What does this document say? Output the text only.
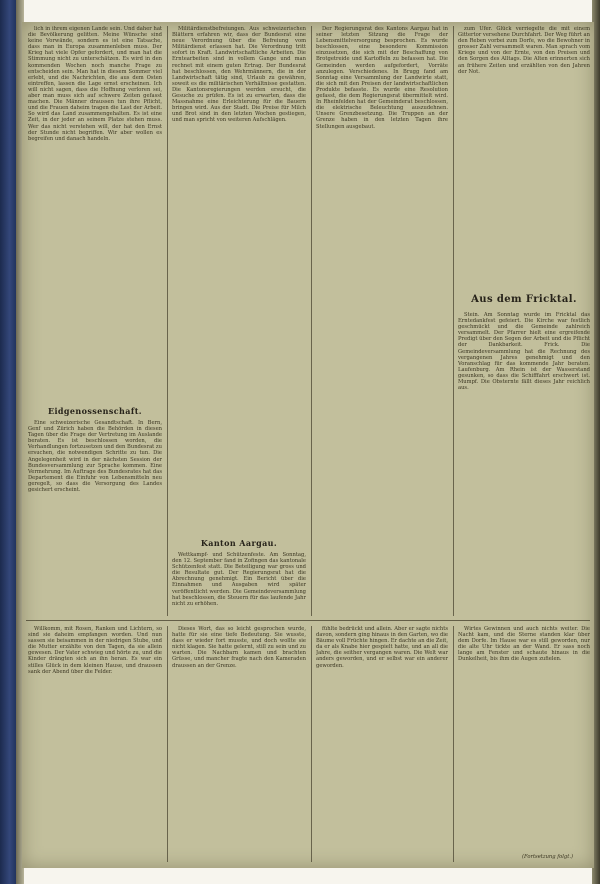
lich in ihrem eigenen Lande sein. Und daher hat die Bevölkerung gelitten. Meine Wünsche sind keine Vorwände, sondern es ist eine Tatsache, dass man in Europa zusammenleben muss. Der Krieg hat viele Opfer gefordert, und man hat die Stimmung nicht zu unterschätzen. Es wird in den kommenden Wochen noch manche Frage zu entscheiden sein. Man hat in diesem Sommer viel erlebt, und die Nachrichten, die aus dem Osten eintreffen, lassen die Lage ernst erscheinen. Ich will nicht sagen, dass die Hoffnung verloren sei, aber man muss sich auf schwere Zeiten gefasst machen. Die Männer draussen tun ihre Pflicht, und die Frauen daheim tragen die Last der Arbeit. So wird das Land zusammengehalten. Es ist eine Zeit, in der jeder an seinem Platze stehen muss. Wer das nicht verstehen will, der hat den Ernst der Stunde nicht begriffen. Wir aber wollen es begreifen und danach handeln.

Eidgenossenschaft.

Eine schweizerische Gesandtschaft. In Bern, Genf und Zürich haben die Behörden in diesen Tagen über die Frage der Vertretung im Auslande beraten. Es ist beschlossen worden, die Verhandlungen fortzusetzen und den Bundesrat zu ersuchen, die notwendigen Schritte zu tun. Die Angelegenheit wird in der nächsten Session der Bundesversammlung zur Sprache kommen. Eine Vermehrung. Im Auftrage des Bundesrates hat das Departement die Einfuhr von Lebensmitteln neu geregelt, so dass die Versorgung des Landes gesichert erscheint.

Militärdienstbefreiungen. Aus schweizerischen Blättern erfahren wir, dass der Bundesrat eine neue Verordnung über die Befreiung vom Militärdienst erlassen hat. Die Verordnung tritt sofort in Kraft. Landwirtschaftliche Arbeiten. Die Erntearbeiten sind in vollem Gange und man rechnet mit einem guten Ertrag. Der Bundesrat hat beschlossen, den Wehrmännern, die in der Landwirtschaft tätig sind, Urlaub zu gewähren, soweit es die militärischen Verhältnisse gestatten. Die Kantonsregierungen werden ersucht, die Gesuche zu prüfen. Es ist zu erwarten, dass die Massnahme eine Erleichterung für die Bauern bringen wird. Aus der Stadt. Die Preise für Milch und Brot sind in den letzten Wochen gestiegen, und man spricht von weiteren Aufschlägen.

Kanton Aargau.

Wettkampf- und Schützenfeste. Am Sonntag, den 12. September fand in Zofingen das kantonale Schützenfest statt. Die Beteiligung war gross und die Resultate gut. Der Regierungsrat hat die Abrechnung genehmigt. Ein Bericht über die Einnahmen und Ausgaben wird später veröffentlicht werden. Die Gemeindeversammlung hat beschlossen, die Steuern für das laufende Jahr nicht zu erhöhen.

Der Regierungsrat des Kantons Aargau hat in seiner letzten Sitzung die Frage der Lebensmittelversorgung besprochen. Es wurde beschlossen, eine besondere Kommission einzusetzen, die sich mit der Beschaffung von Brotgetreide und Kartoffeln zu befassen hat. Die Gemeinden werden aufgefordert, Vorräte anzulegen. Verschiedenes. In Brugg fand am Sonntag eine Versammlung der Landwirte statt, die sich mit den Preisen der landwirtschaftlichen Produkte befasste. Es wurde eine Resolution gefasst, die dem Regierungsrat übermittelt wird. In Rheinfelden hat der Gemeinderat beschlossen, die elektrische Beleuchtung auszudehnen. Unsere Grenzbesetzung. Die Truppen an der Grenze haben in den letzten Tagen ihre Stellungen ausgebaut.

zum Ufer. Glück verriegelte die mit einem Gittertor versehene Durchfahrt. Der Weg führt an den Reben vorbei zum Dorfe, wo die Bewohner in grosser Zahl versammelt waren. Man sprach vom Kriege und von der Ernte, von den Preisen und den Sorgen des Alltags. Die Alten erinnerten sich an frühere Zeiten und erzählten von den Jahren der Not.

Aus dem Fricktal.

Stein. Am Sonntag wurde im Fricktal das Erntedankfest gefeiert. Die Kirche war festlich geschmückt und die Gemeinde zahlreich versammelt. Der Pfarrer hielt eine ergreifende Predigt über den Segen der Arbeit und die Pflicht der Dankbarkeit. Frick. Die Gemeindeversammlung hat die Rechnung des vergangenen Jahres genehmigt und den Voranschlag für das kommende Jahr beraten. Laufenburg. Am Rhein ist der Wasserstand gesunken, so dass die Schifffahrt erschwert ist. Mumpf. Die Obsternte fällt dieses Jahr reichlich aus.

Willkomm, mit Rosen, Ranken und Lichtern, so sind sie daheim empfangen worden. Und nun sassen sie beisammen in der niedrigen Stube, und die Mutter erzählte von den Tagen, da sie allein gewesen. Der Vater schwieg und hörte zu, und die Kinder drängten sich an ihn heran. Es war ein stilles Glück in dem kleinen Hause, und draussen sank der Abend über die Felder.

Dieses Wort, das so leicht gesprochen wurde, hatte für sie eine tiefe Bedeutung. Sie wusste, dass er wieder fort musste, und doch wollte sie nicht klagen. Sie hatte gelernt, still zu sein und zu warten. Die Nachbarn kamen und brachten Grüsse, und mancher fragte nach den Kameraden draussen an der Grenze.

fühlte bedrückt und allein. Aber er sagte nichts davon, sondern ging hinaus in den Garten, wo die Bäume voll Früchte hingen. Er dachte an die Zeit, da er als Knabe hier gespielt hatte, und an all die Jahre, die seither vergangen waren. Die Welt war anders geworden, und er selbst war ein anderer geworden.

Wirtes Gewinnen und auch nichts weiter. Die Nacht kam, und die Sterne standen klar über dem Dorfe. Im Hause war es still geworden, nur die alte Uhr tickte an der Wand. Er sass noch lange am Fenster und schaute hinaus in die Dunkelheit, bis ihm die Augen zufielen.

(Fortsetzung folgt.)
